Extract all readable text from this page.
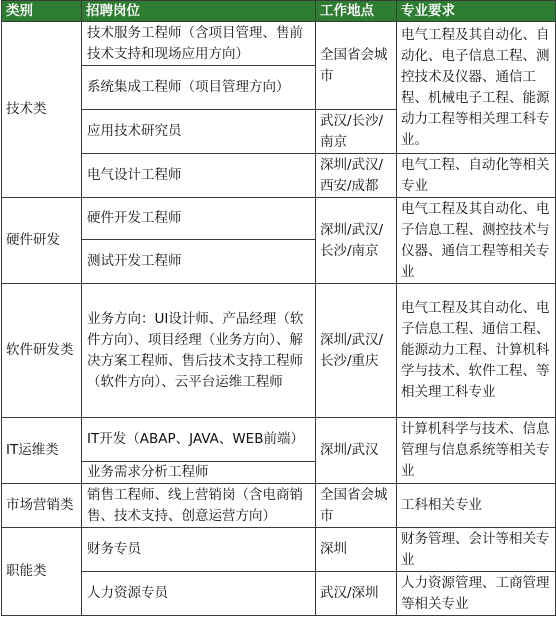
类别	招聘岗位	工作地点	专业要求
技术类	技术服务工程师（含项目管理、售前技术支持和现场应用方向）	全国省会城市	电气工程及其自动化、自动化、电子信息工程、测控技术及仪器、通信工程、机械电子工程、能源动力工程等相关理工科专业。
	系统集成工程师（项目管理方向）		
	应用技术研究员	武汉/长沙/南京	
	电气设计工程师	深圳/武汉/西安/成都	电气工程、自动化等相关专业
硬件研发	硬件开发工程师	深圳/武汉/长沙/南京	电气工程及其自动化、电子信息工程、测控技术与仪器、通信工程等相关专业
	测试开发工程师		
软件研发类	业务方向：UI设计师、产品经理（软件方向）、项目经理（业务方向）、解决方案工程师、售后技术支持工程师（软件方向）、云平台运维工程师	深圳/武汉/长沙/重庆	电气工程及其自动化、电子信息工程、通信工程、能源动力工程、计算机科学与技术、软件工程、等相关理工科专业
IT运维类	IT开发（ABAP、JAVA、WEB前端）	深圳/武汉	计算机科学与技术、信息管理与信息系统等相关专业
	业务需求分析工程师		
市场营销类	销售工程师、线上营销岗（含电商销售、技术支持、创意运营方向）	全国省会城市	工科相关专业
职能类	财务专员	深圳	财务管理、会计等相关专业
	人力资源专员	武汉/深圳	人力资源管理、工商管理等相关专业
